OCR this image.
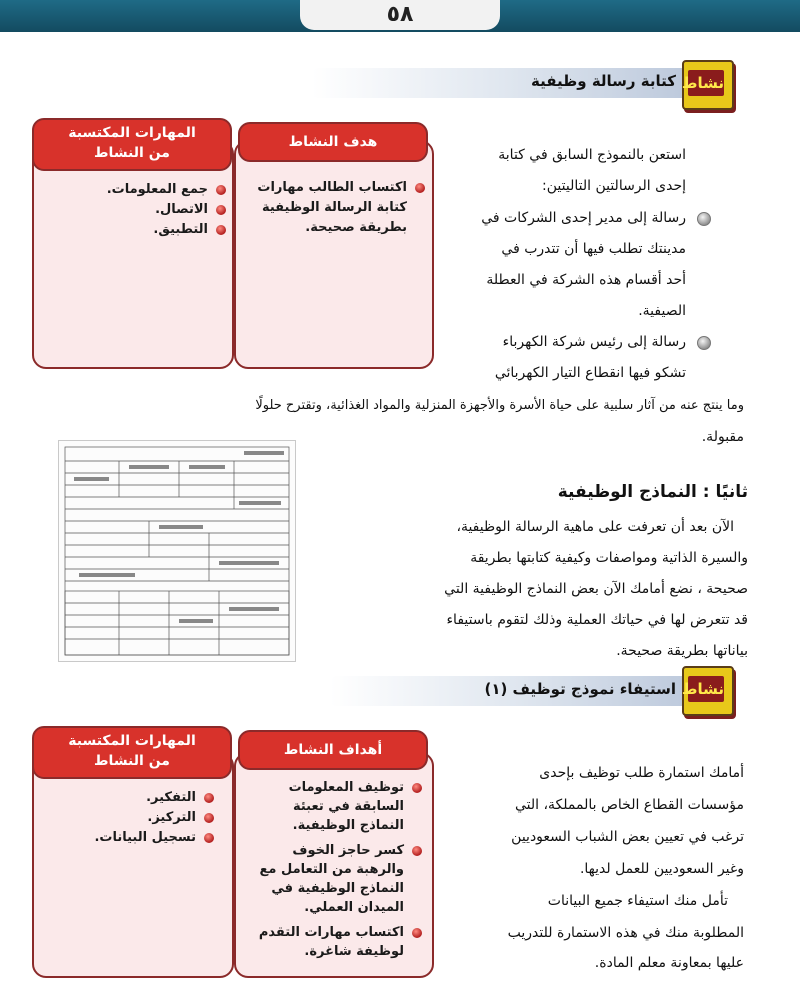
٥٨
نشاط
كتابة رسالة وظيفية
المهارات المكتسبة
من النشاط
جمع المعلومات.
الاتصال.
التطبيق.
هدف النشاط
اكتساب الطالب مهارات كتابة الرسالة الوظيفية بطريقة صحيحة.
استعن بالنموذج السابق في كتابة
إحدى الرسالتين التاليتين:
رسالة إلى مدير إحدى الشركات في
مدينتك تطلب فيها أن تتدرب في
أحد أقسام هذه الشركة في العطلة
الصيفية.
رسالة إلى رئيس شركة الكهرباء
تشكو فيها انقطاع التيار الكهربائي
وما ينتج عنه من آثار سلبية على حياة الأسرة والأجهزة المنزلية والمواد الغذائية، وتقترح حلولًا
مقبولة.
ثانيًا : النماذج الوظيفية
الآن بعد أن تعرفت على ماهية الرسالة الوظيفية،
والسيرة الذاتية ومواصفات وكيفية كتابتها بطريقة
صحيحة ، نضع أمامك الآن بعض النماذج الوظيفية التي
قد تتعرض لها في حياتك العملية وذلك لتقوم باستيفاء
بياناتها بطريقة صحيحة.
نشاط
استيفاء نموذج توظيف (١)
المهارات المكتسبة
من النشاط
التفكير.
التركيز.
تسجيل البيانات.
أهداف النشاط
توظيف المعلومات السابقة في تعبئة النماذج الوظيفية.
كسر حاجز الخوف والرهبة من التعامل مع النماذج الوظيفية في الميدان العملي.
اكتساب مهارات التقدم لوظيفة شاغرة.
أمامك استمارة طلب توظيف بإحدى
مؤسسات القطاع الخاص بالمملكة، التي
ترغب في تعيين بعض الشباب السعوديين
وغير السعوديين للعمل لديها.
تأمل منك استيفاء جميع البيانات
المطلوبة منك في هذه الاستمارة للتدريب
عليها بمعاونة معلم المادة.
